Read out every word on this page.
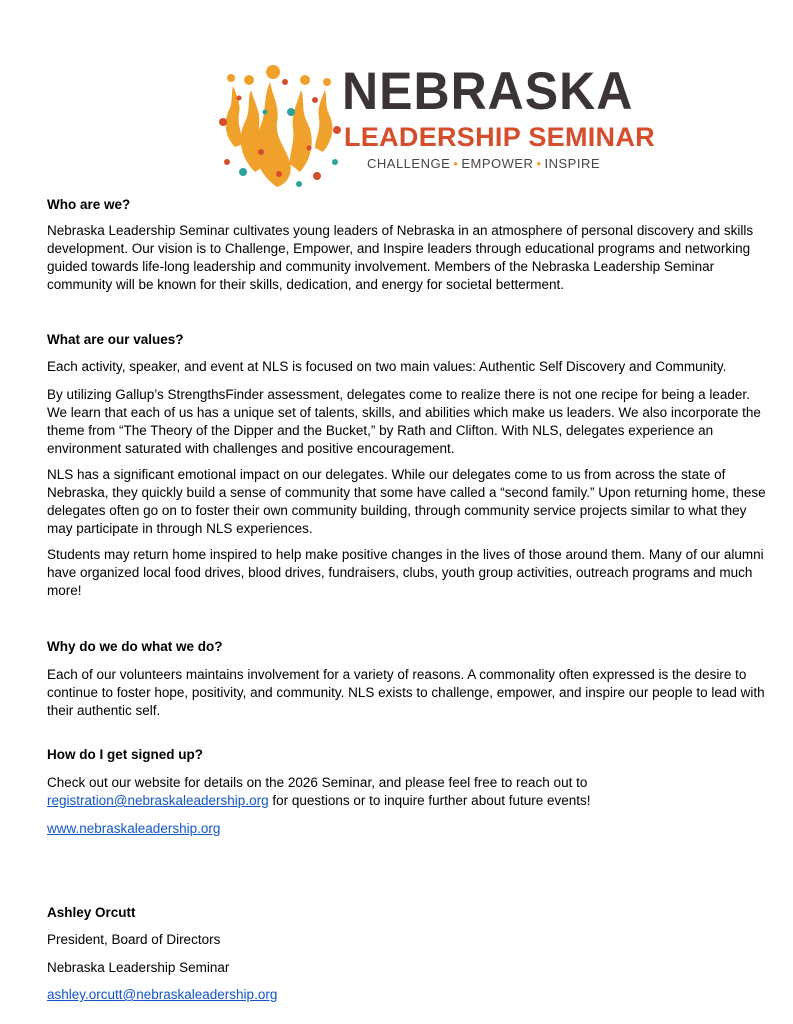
NEBRASKA
LEADERSHIP SEMINAR
CHALLENGE • EMPOWER • INSPIRE
Who are we?

Nebraska Leadership Seminar cultivates young leaders of Nebraska in an atmosphere of personal discovery and skills development. Our vision is to Challenge, Empower, and Inspire leaders through educational programs and networking guided towards life-long leadership and community involvement. Members of the Nebraska Leadership Seminar community will be known for their skills, dedication, and energy for societal betterment.

What are our values?

Each activity, speaker, and event at NLS is focused on two main values: Authentic Self Discovery and Community.

By utilizing Gallup’s StrengthsFinder assessment, delegates come to realize there is not one recipe for being a leader. We learn that each of us has a unique set of talents, skills, and abilities which make us leaders. We also incorporate the theme from “The Theory of the Dipper and the Bucket,” by Rath and Clifton. With NLS, delegates experience an environment saturated with challenges and positive encouragement.

NLS has a significant emotional impact on our delegates. While our delegates come to us from across the state of Nebraska, they quickly build a sense of community that some have called a “second family.” Upon returning home, these delegates often go on to foster their own community building, through community service projects similar to what they may participate in through NLS experiences.

Students may return home inspired to help make positive changes in the lives of those around them. Many of our alumni have organized local food drives, blood drives, fundraisers, clubs, youth group activities, outreach programs and much more!

Why do we do what we do?

Each of our volunteers maintains involvement for a variety of reasons. A commonality often expressed is the desire to continue to foster hope, positivity, and community. NLS exists to challenge, empower, and inspire our people to lead with their authentic self.

How do I get signed up?

Check out our website for details on the 2026 Seminar, and please feel free to reach out to
registration@nebraskaleadership.org for questions or to inquire further about future events!

www.nebraskaleadership.org

Ashley Orcutt

President, Board of Directors

Nebraska Leadership Seminar

ashley.orcutt@nebraskaleadership.org
